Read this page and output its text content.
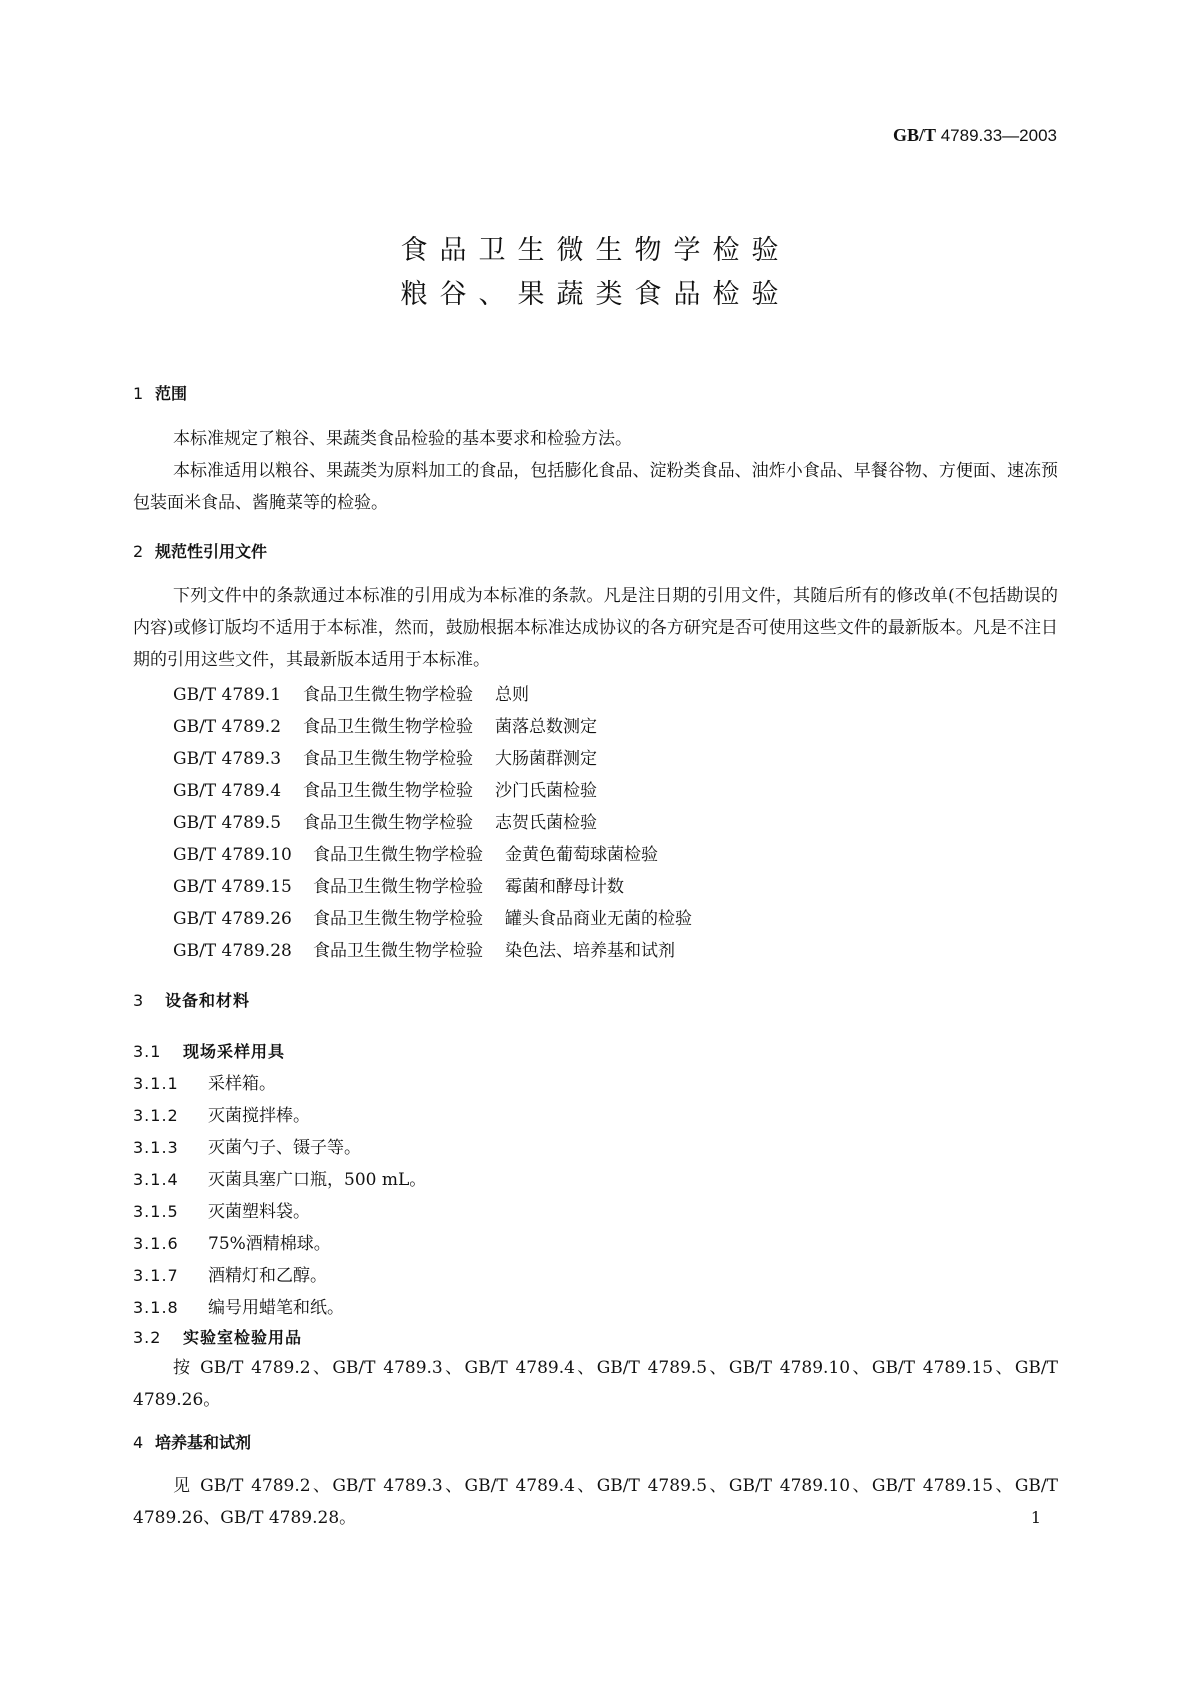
GB/T 4789.33—2003
食品卫生微生物学检验
粮谷、果蔬类食品检验
1 范围
本标准规定了粮谷、果蔬类食品检验的基本要求和检验方法。
本标准适用以粮谷、果蔬类为原料加工的食品，包括膨化食品、淀粉类食品、油炸小食品、早餐谷物、方便面、速冻预包装面米食品、酱腌菜等的检验。
2 规范性引用文件
下列文件中的条款通过本标准的引用成为本标准的条款。凡是注日期的引用文件，其随后所有的修改单(不包括勘误的内容)或修订版均不适用于本标准，然而，鼓励根据本标准达成协议的各方研究是否可使用这些文件的最新版本。凡是不注日期的引用这些文件，其最新版本适用于本标准。
GB/T 4789.1 食品卫生微生物学检验 总则
GB/T 4789.2 食品卫生微生物学检验 菌落总数测定
GB/T 4789.3 食品卫生微生物学检验 大肠菌群测定
GB/T 4789.4 食品卫生微生物学检验 沙门氏菌检验
GB/T 4789.5 食品卫生微生物学检验 志贺氏菌检验
GB/T 4789.10 食品卫生微生物学检验 金黄色葡萄球菌检验
GB/T 4789.15 食品卫生微生物学检验 霉菌和酵母计数
GB/T 4789.26 食品卫生微生物学检验 罐头食品商业无菌的检验
GB/T 4789.28 食品卫生微生物学检验 染色法、培养基和试剂
3 设备和材料
3.1 现场采样用具
3.1.1 采样箱。
3.1.2 灭菌搅拌棒。
3.1.3 灭菌勺子、镊子等。
3.1.4 灭菌具塞广口瓶，500 mL。
3.1.5 灭菌塑料袋。
3.1.6 75%酒精棉球。
3.1.7 酒精灯和乙醇。
3.1.8 编号用蜡笔和纸。
3.2 实验室检验用品
按 GB/T 4789.2、GB/T 4789.3、GB/T 4789.4、GB/T 4789.5、GB/T 4789.10、GB/T 4789.15、GB/T 4789.26。
4 培养基和试剂
见 GB/T 4789.2、GB/T 4789.3、GB/T 4789.4、GB/T 4789.5、GB/T 4789.10、GB/T 4789.15、GB/T 4789.26、GB/T 4789.28。	1
